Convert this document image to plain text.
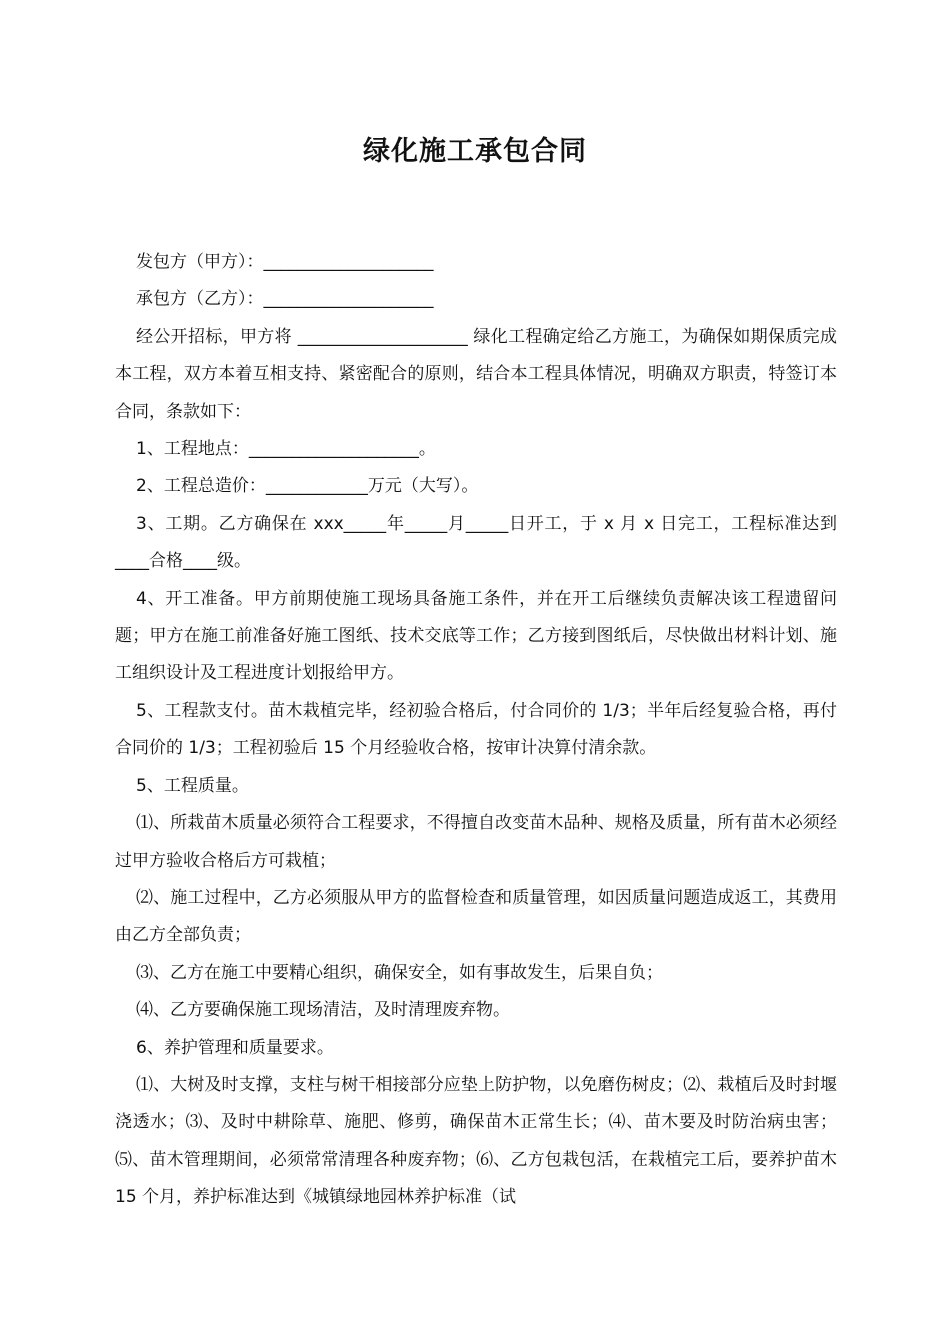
绿化施工承包合同

发包方（甲方）：____________________

承包方（乙方）：____________________

经公开招标，甲方将 ____________________ 绿化工程确定给乙方施工，为确保如期保质完成本工程，双方本着互相支持、紧密配合的原则，结合本工程具体情况，明确双方职责，特签订本合同，条款如下：

1、工程地点：____________________。

2、工程总造价：____________万元（大写）。

3、工期。乙方确保在 xxx_____年_____月_____日开工，于 x 月 x 日完工，工程标准达到____合格____级。

4、开工准备。甲方前期使施工现场具备施工条件，并在开工后继续负责解决该工程遗留问题；甲方在施工前准备好施工图纸、技术交底等工作；乙方接到图纸后，尽快做出材料计划、施工组织设计及工程进度计划报给甲方。

5、工程款支付。苗木栽植完毕，经初验合格后，付合同价的 1/3；半年后经复验合格，再付合同价的 1/3；工程初验后 15 个月经验收合格，按审计决算付清余款。

5、工程质量。

⑴、所栽苗木质量必须符合工程要求，不得擅自改变苗木品种、规格及质量，所有苗木必须经过甲方验收合格后方可栽植；

⑵、施工过程中，乙方必须服从甲方的监督检查和质量管理，如因质量问题造成返工，其费用由乙方全部负责；

⑶、乙方在施工中要精心组织，确保安全，如有事故发生，后果自负；

⑷、乙方要确保施工现场清洁，及时清理废弃物。

6、养护管理和质量要求。

⑴、大树及时支撑，支柱与树干相接部分应垫上防护物，以免磨伤树皮；⑵、栽植后及时封堰浇透水；⑶、及时中耕除草、施肥、修剪，确保苗木正常生长；⑷、苗木要及时防治病虫害；⑸、苗木管理期间，必须常常清理各种废弃物；⑹、乙方包栽包活，在栽植完工后，要养护苗木 15 个月，养护标准达到《城镇绿地园林养护标准（试
